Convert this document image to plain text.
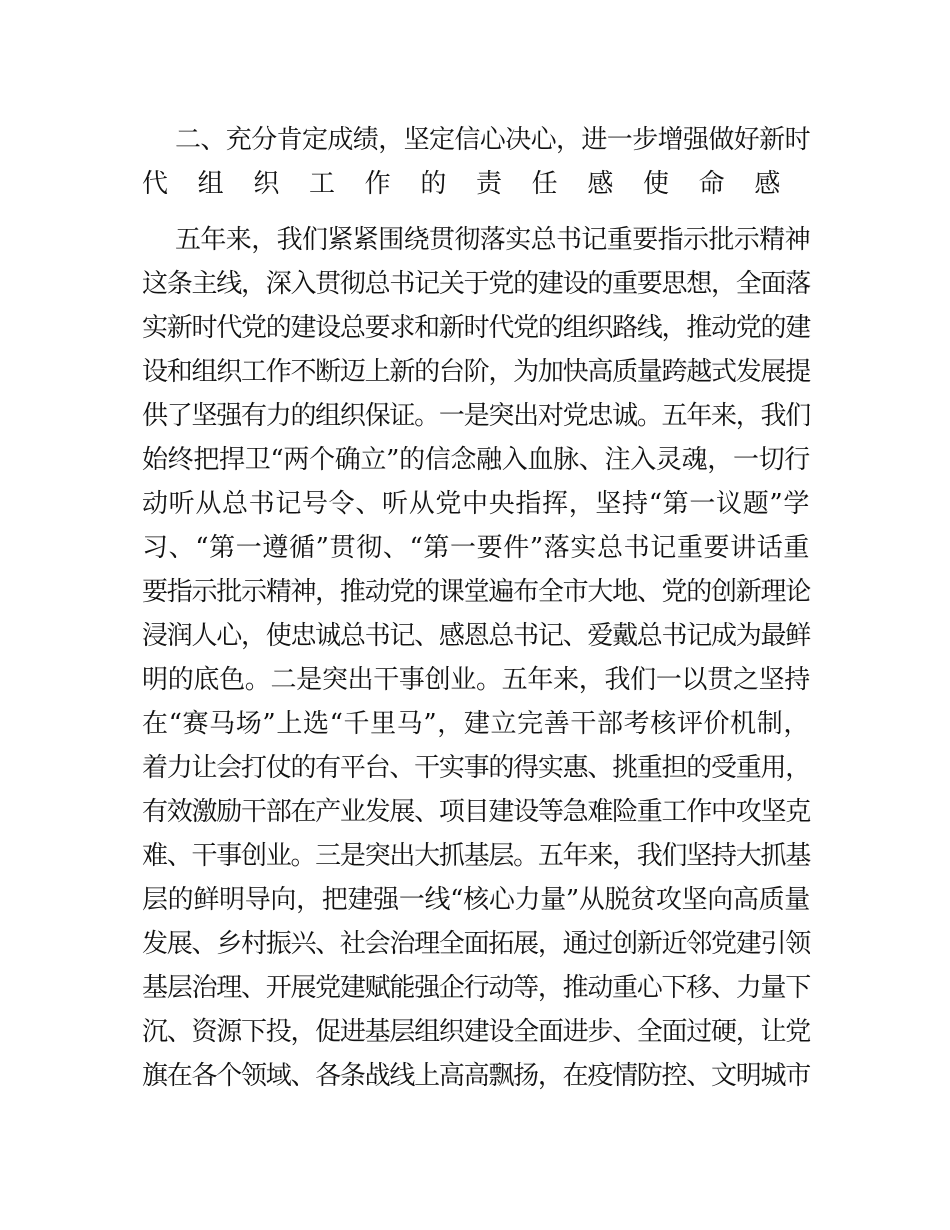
二、充分肯定成绩，坚定信心决心，进一步增强做好新时
代组织工作的责任感使命感
五年来，我们紧紧围绕贯彻落实总书记重要指示批示精神
这条主线，深入贯彻总书记关于党的建设的重要思想，全面落
实新时代党的建设总要求和新时代党的组织路线，推动党的建
设和组织工作不断迈上新的台阶，为加快高质量跨越式发展提
供了坚强有力的组织保证。一是突出对党忠诚。五年来，我们
始终把捍卫“两个确立”的信念融入血脉、注入灵魂，一切行
动听从总书记号令、听从党中央指挥，坚持“第一议题”学
习、“第一遵循”贯彻、“第一要件”落实总书记重要讲话重
要指示批示精神，推动党的课堂遍布全市大地、党的创新理论
浸润人心，使忠诚总书记、感恩总书记、爱戴总书记成为最鲜
明的底色。二是突出干事创业。五年来，我们一以贯之坚持
在“赛马场”上选“千里马”，建立完善干部考核评价机制，
着力让会打仗的有平台、干实事的得实惠、挑重担的受重用，
有效激励干部在产业发展、项目建设等急难险重工作中攻坚克
难、干事创业。三是突出大抓基层。五年来，我们坚持大抓基
层的鲜明导向，把建强一线“核心力量”从脱贫攻坚向高质量
发展、乡村振兴、社会治理全面拓展，通过创新近邻党建引领
基层治理、开展党建赋能强企行动等，推动重心下移、力量下
沉、资源下投，促进基层组织建设全面进步、全面过硬，让党
旗在各个领域、各条战线上高高飘扬，在疫情防控、文明城市
